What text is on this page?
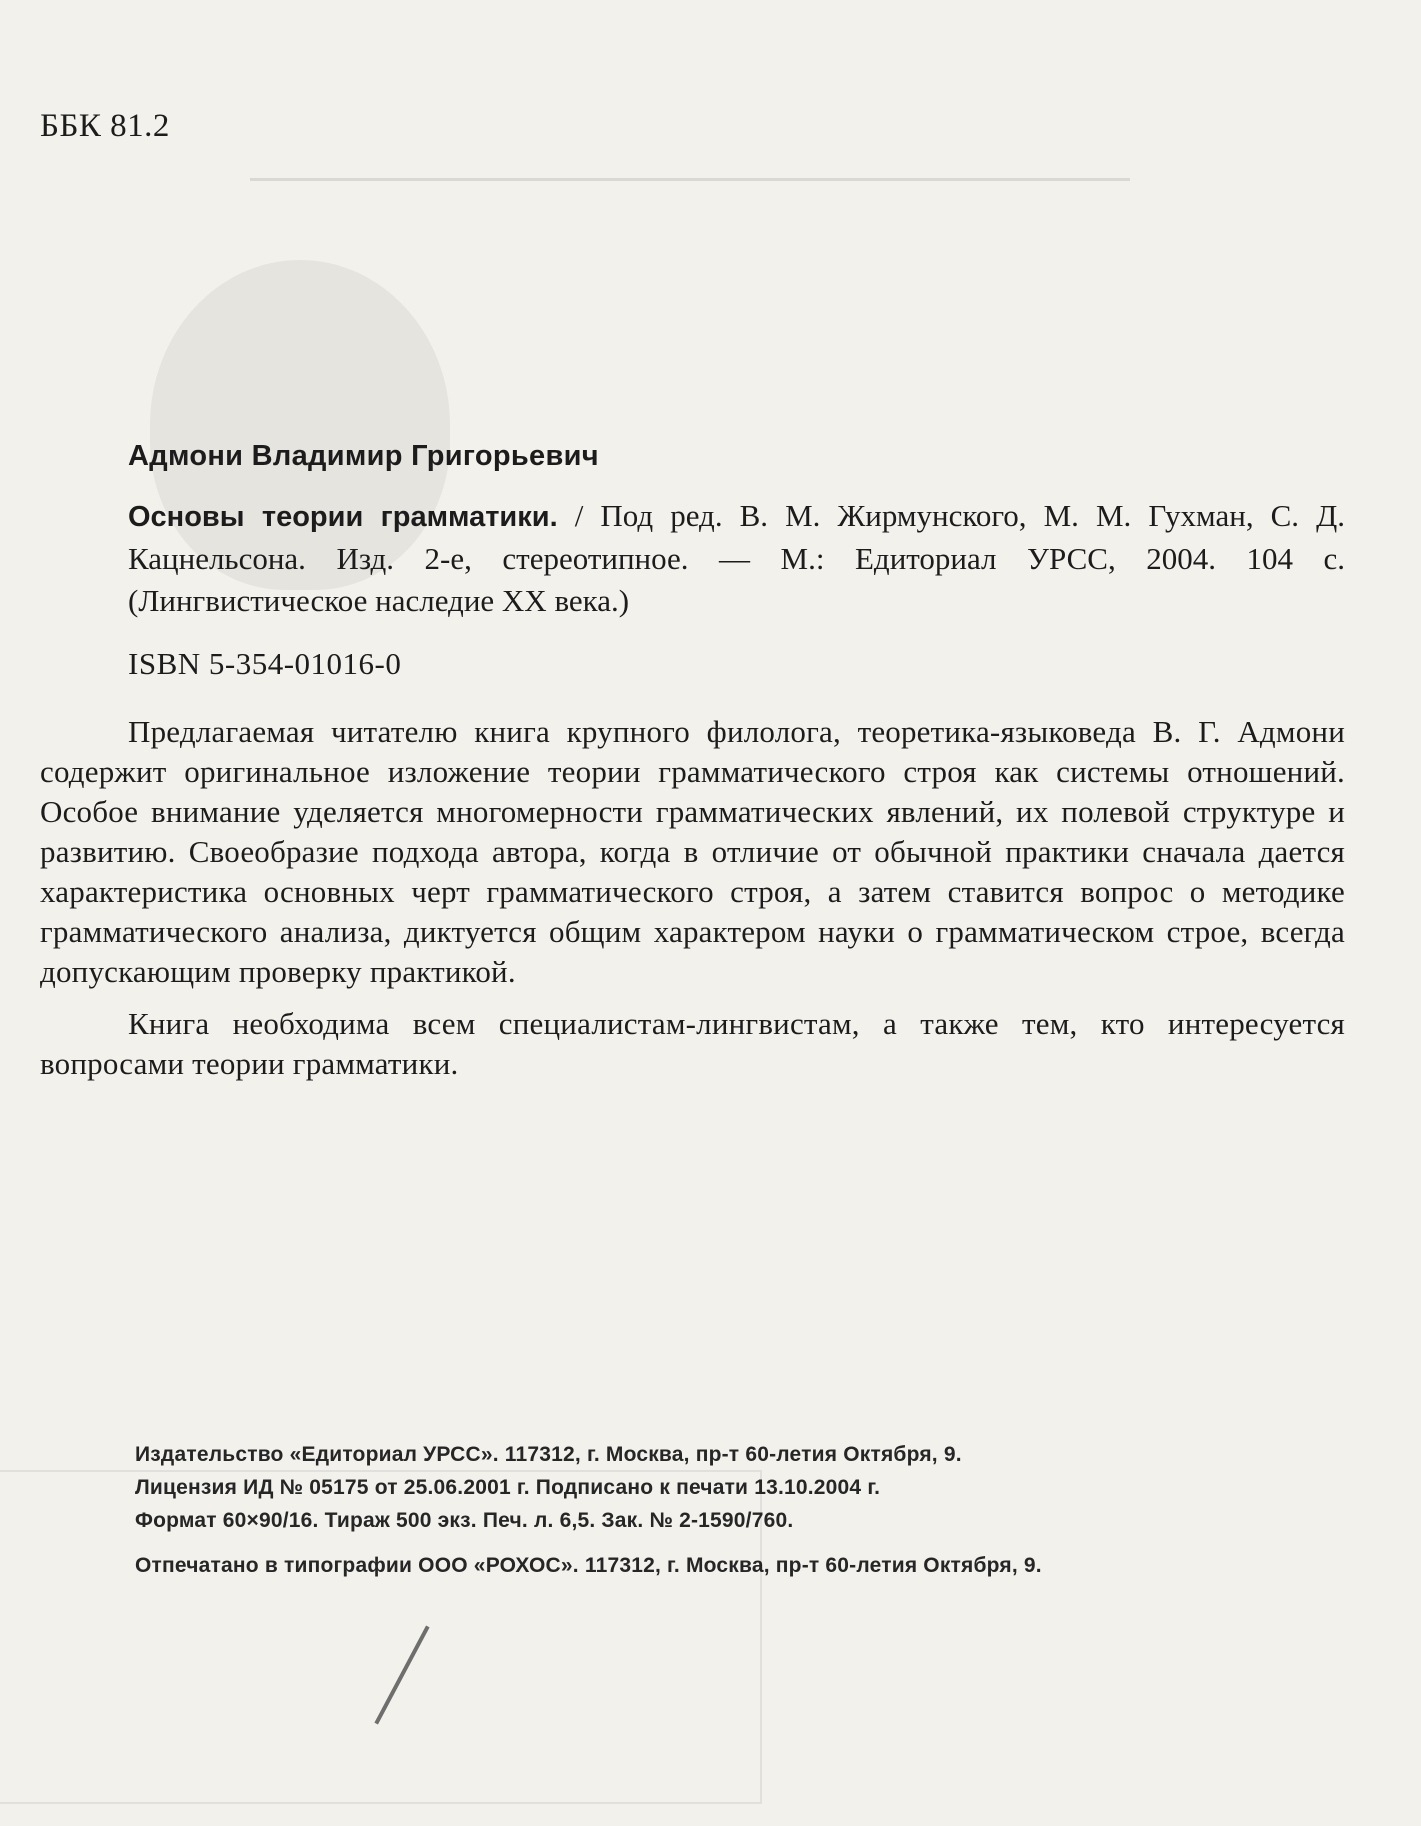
ББК 81.2
Адмони Владимир Григорьевич
Основы теории грамматики. / Под ред. В. М. Жирмунского, М. М. Гухман, С. Д. Кацнельсона. Изд. 2-е, стереотипное. — М.: Едиториал УРСС, 2004. 104 с. (Лингвистическое наследие XX века.)
ISBN 5-354-01016-0

Предлагаемая читателю книга крупного филолога, теоретика-языковеда В. Г. Адмони содержит оригинальное изложение теории грамматического строя как системы отношений. Особое внимание уделяется многомерности грамматических явлений, их полевой структуре и развитию. Своеобразие подхода автора, когда в отличие от обычной практики сначала дается характеристика основных черт грамматического строя, а затем ставится вопрос о методике грамматического анализа, диктуется общим характером науки о грамматическом строе, всегда допускающим проверку практикой.

Книга необходима всем специалистам-лингвистам, а также тем, кто интересуется вопросами теории грамматики.

Издательство «Едиториал УРСС». 117312, г. Москва, пр-т 60-летия Октября, 9.
Лицензия ИД № 05175 от 25.06.2001 г. Подписано к печати 13.10.2004 г.
Формат 60×90/16. Тираж 500 экз. Печ. л. 6,5. Зак. № 2-1590/760.
Отпечатано в типографии ООО «РОХОС». 117312, г. Москва, пр-т 60-летия Октября, 9.
